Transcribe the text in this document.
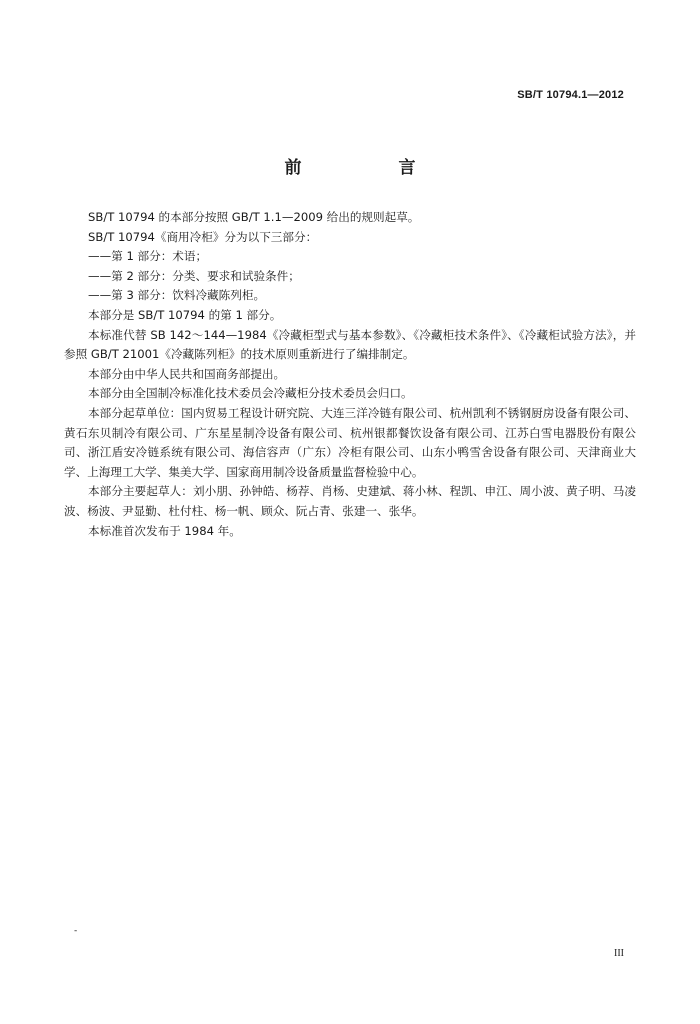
SB/T 10794.1—2012
前　言

SB/T 10794 的本部分按照 GB/T 1.1—2009 给出的规则起草。

SB/T 10794《商用冷柜》分为以下三部分：

——第 1 部分：术语；

——第 2 部分：分类、要求和试验条件；

——第 3 部分：饮料冷藏陈列柜。

本部分是 SB/T 10794 的第 1 部分。

本标准代替 SB 142～144—1984《冷藏柜型式与基本参数》、《冷藏柜技术条件》、《冷藏柜试验方法》，并参照 GB/T 21001《冷藏陈列柜》的技术原则重新进行了编排制定。

本部分由中华人民共和国商务部提出。

本部分由全国制冷标准化技术委员会冷藏柜分技术委员会归口。

本部分起草单位：国内贸易工程设计研究院、大连三洋冷链有限公司、杭州凯利不锈钢厨房设备有限公司、黄石东贝制冷有限公司、广东星星制冷设备有限公司、杭州银都餐饮设备有限公司、江苏白雪电器股份有限公司、浙江盾安冷链系统有限公司、海信容声（广东）冷柜有限公司、山东小鸭雪舍设备有限公司、天津商业大学、上海理工大学、集美大学、国家商用制冷设备质量监督检验中心。

本部分主要起草人：刘小朋、孙钟皓、杨荐、肖杨、史建斌、蒋小林、程凯、申江、周小波、黄子明、马凌波、杨波、尹显勤、杜付柱、杨一帆、顾众、阮占青、张建一、张华。

本标准首次发布于 1984 年。

-
III
